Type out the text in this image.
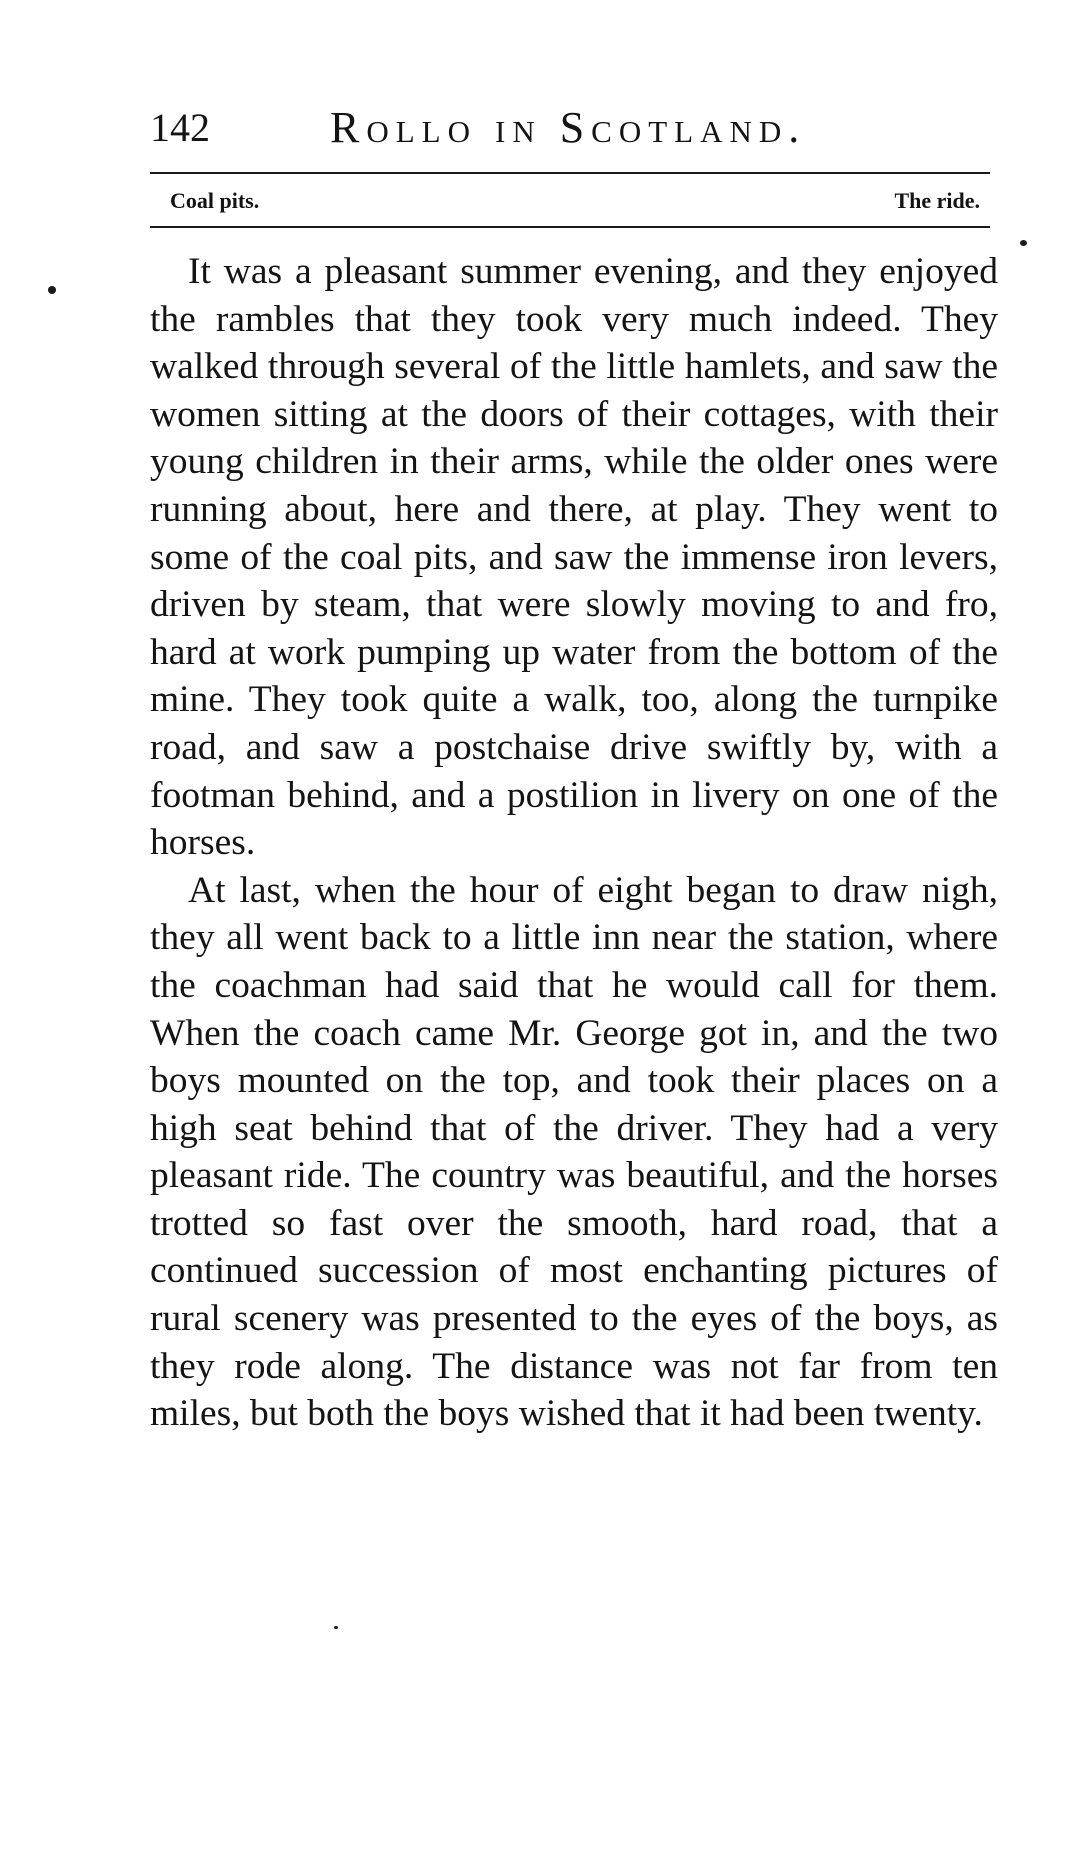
142	Rollo in Scotland.
Coal pits.	The ride.

It was a pleasant summer evening, and they enjoyed the rambles that they took very much indeed. They walked through several of the little hamlets, and saw the women sitting at the doors of their cottages, with their young children in their arms, while the older ones were running about, here and there, at play. They went to some of the coal pits, and saw the immense iron levers, driven by steam, that were slowly moving to and fro, hard at work pumping up water from the bottom of the mine. They took quite a walk, too, along the turnpike road, and saw a postchaise drive swiftly by, with a footman behind, and a postilion in livery on one of the horses.

At last, when the hour of eight began to draw nigh, they all went back to a little inn near the station, where the coachman had said that he would call for them. When the coach came Mr. George got in, and the two boys mounted on the top, and took their places on a high seat behind that of the driver. They had a very pleasant ride. The country was beautiful, and the horses trotted so fast over the smooth, hard road, that a continued succession of most enchanting pictures of rural scenery was presented to the eyes of the boys, as they rode along. The distance was not far from ten miles, but both the boys wished that it had been twenty.
